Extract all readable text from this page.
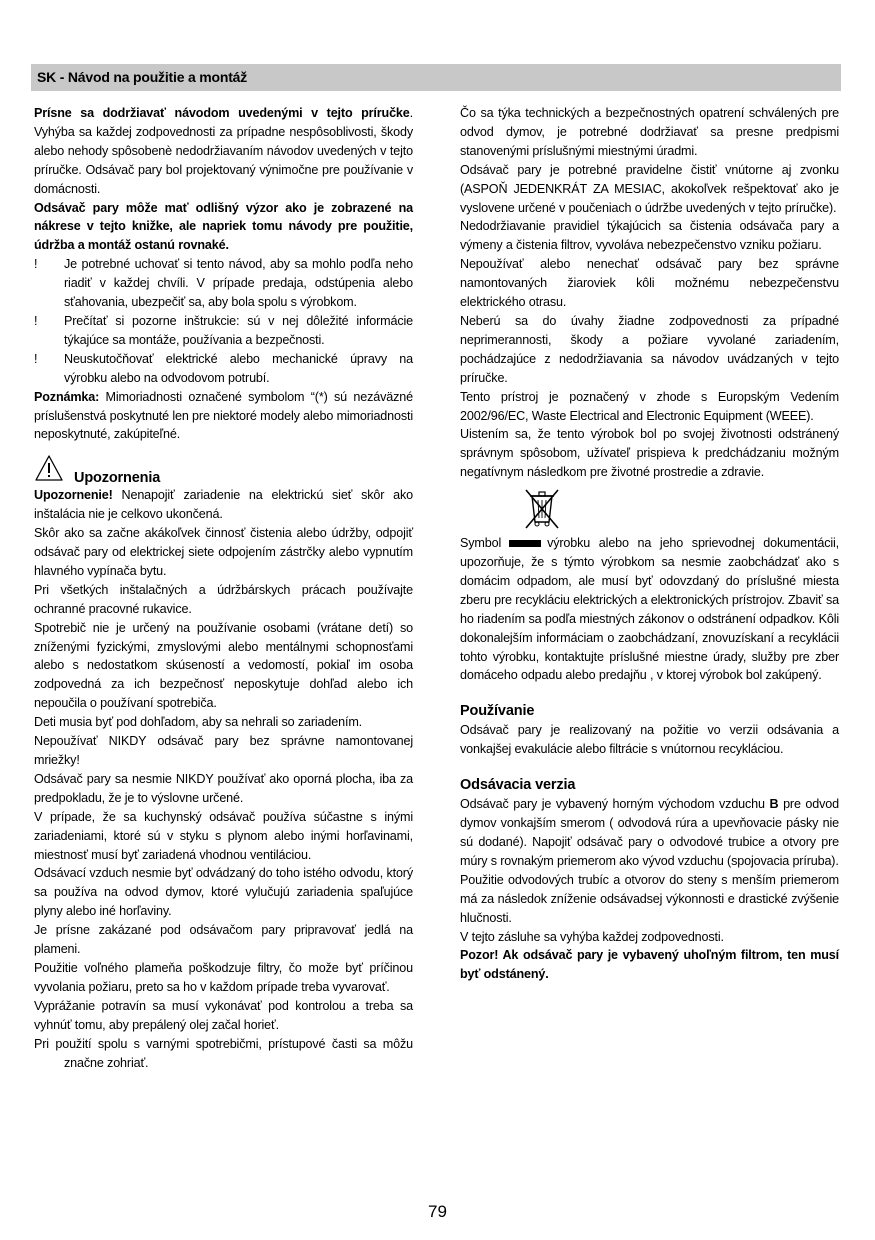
SK - Návod na použitie a montáž

Prísne sa dodržiavať návodom uvedenými v tejto príručke. Vyhýba sa každej zodpovednosti za prípadne nespôsoblivosti, škody alebo nehody spôsobenè nedodržiavaním návodov uvedených v tejto príručke. Odsávač pary bol projektovaný výnimočne pre používanie v domácnosti.

Odsávač pary môže mať odlišný výzor ako je zobrazené na nákrese v tejto knižke, ale napriek tomu návody pre použitie, údržba a montáž ostanú rovnaké.

! Je potrebné uchovať si tento návod, aby sa mohlo podľa neho riadiť v každej chvíli. V prípade predaja, odstúpenia alebo sťahovania, ubezpečiť sa, aby bola spolu s výrobkom.

! Prečítať si pozorne inštrukcie: sú v nej dôležité informácie týkajúce sa montáže, používania a bezpečnosti.

! Neuskutočňovať elektrické alebo mechanické úpravy na výrobku alebo na odvodovom potrubí.

Poznámka: Mimoriadnosti označené symbolom “(*) sú nezáväzné príslušenstvá poskytnuté len pre niektoré modely alebo mimoriadnosti neposkytnuté, zakúpiteľné.

Upozornenia

Upozornenie! Nenapojiť zariadenie na elektrickú sieť skôr ako inštalácia nie je celkovo ukončená.

Skôr ako sa začne akákoľvek činnosť čistenia alebo údržby, odpojiť odsávač pary od elektrickej siete odpojením zástrčky alebo vypnutím hlavného vypínača bytu.

Pri všetkých inštalačných a údržbárskych prácach používajte ochranné pracovné rukavice.

Spotrebič nie je určený na používanie osobami (vrátane detí) so zníženými fyzickými, zmyslovými alebo mentálnymi schopnosťami alebo s nedostatkom skúseností a vedomostí, pokiaľ im osoba zodpovedná za ich bezpečnosť neposkytuje dohľad alebo ich nepoučila o používaní spotrebiča.

Deti musia byť pod dohľadom, aby sa nehrali so zariadením.

Nepoužívať NIKDY odsávač pary bez správne namontovanej mriežky!

Odsávač pary sa nesmie NIKDY používať ako oporná plocha, iba za predpokladu, že je to výslovne určené.

V prípade, že sa kuchynský odsávač používa súčastne s inými zariadeniami, ktoré sú v styku s plynom alebo inými horľavinami, miestnosť musí byť zariadená vhodnou ventiláciou.

Odsávací vzduch nesmie byť odvádzaný do toho istého odvodu, ktorý sa používa na odvod dymov, ktoré vylučujú zariadenia spaľujúce plyny alebo iné horľaviny.

Je prísne zakázané pod odsávačom pary pripravovať jedlá na plameni.

Použitie voľného plameňa poškodzuje filtry, čo može byť príčinou vyvolania požiaru, preto sa ho v každom prípade treba vyvarovať.

Vyprážanie potravín sa musí vykonávať pod kontrolou a treba sa vyhnúť tomu, aby prepálený olej začal horieť.

Pri použití spolu s varnými spotrebičmi, prístupové časti sa môžu značne zohriať.

Čo sa týka technických a bezpečnostných opatrení schválených pre odvod dymov, je potrebné dodržiavať sa presne predpismi stanovenými príslušnými miestnými úradmi.

Odsávač pary je potrebné pravidelne čistiť vnútorne aj zvonku (ASPOŇ JEDENKRÁT ZA MESIAC, akokoľvek rešpektovať ako je vyslovene určené v poučeniach o údržbe uvedených v tejto príručke).

Nedodržiavanie pravidiel týkajúcich sa čistenia odsávača pary a výmeny a čistenia filtrov, vyvoláva nebezpečenstvo vzniku požiaru.

Nepoužívať alebo nenechať odsávač pary bez správne namontovaných žiaroviek kôli možnému nebezpečenstvu elektrického otrasu.

Neberú sa do úvahy žiadne zodpovednosti za prípadné neprimerannosti, škody a požiare vyvolané zariadením, pochádzajúce z nedodržiavania sa návodov uvádzaných v tejto príručke.

Tento prístroj je poznačený v zhode s Europským Vedením 2002/96/EC, Waste Electrical and Electronic Equipment (WEEE).

Uistením sa, že tento výrobok bol po svojej životnosti odstránený správnym spôsobom, užívateľ prispieva k predchádzaniu možným negatívnym následkom pre životné prostredie a zdravie.

Symbol	výrobku alebo na jeho sprievodnej dokumentácii, upozorňuje, že s týmto výrobkom sa nesmie zaobchádzať ako s domácim odpadom, ale musí byť odovzdaný do príslušné miesta zberu pre recykláciu elektrických a elektronických prístrojov. Zbaviť sa ho riadením sa podľa miestných zákonov o odstránení odpadkov. Kôli dokonalejším informáciam o zaobchádzaní, znovuzískaní a recyklácii tohto výrobku, kontaktujte príslušné miestne úrady, služby pre zber domáceho odpadu alebo predajňu , v ktorej výrobok bol zakúpený.

Používanie

Odsávač pary je realizovaný na požitie vo verzii odsávania a vonkajšej evakulácie alebo filtrácie s vnútornou recykláciou.

Odsávacia verzia

Odsávač pary je vybavený horným východom vzduchu B pre odvod dymov vonkajším smerom ( odvodová rúra a upevňovacie pásky nie sú dodané). Napojiť odsávač pary o odvodové trubice a otvory pre múry s rovnakým priemerom ako vývod vzduchu (spojovacia príruba).

Použitie odvodových trubíc a otvorov do steny s menším priemerom má za následok zníženie odsávadsej výkonnosti e drastické zvýšenie hlučnosti.

V tejto zásluhe sa vyhýba každej zodpovednosti.

Pozor! Ak odsávač pary je vybavený uhoľným filtrom, ten musí byť odstánený.

79
